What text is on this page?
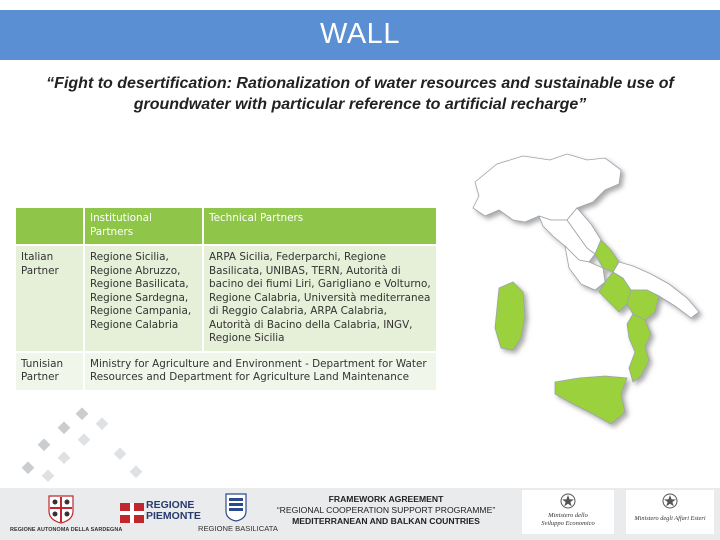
WALL
“Fight to desertification: Rationalization of water resources and sustainable use of
groundwater with particular reference to artificial recharge”
	Institutional Partners	Technical Partners
Italian Partner	Regione Sicilia, Regione Abruzzo, Regione Basilicata, Regione Sardegna, Regione Campania, Regione Calabria	ARPA Sicilia, Federparchi, Regione Basilicata, UNIBAS, TERN, Autorità di bacino dei fiumi Liri, Garigliano e Volturno, Regione Calabria, Università mediterranea di Reggio Calabria, ARPA Calabria, Autorità di Bacino della Calabria, INGV, Regione Sicilia
Tunisian Partner	Ministry for Agriculture and Environment - Department for Water Resources and Department for Agriculture Land Maintenance	
REGIONE AUTONOMA DELLA SARDEGNA
REGIONE
PIEMONTE
REGIONE BASILICATA
FRAMEWORK AGREEMENT
“REGIONAL COOPERATION SUPPORT PROGRAMME”
MEDITERRANEAN AND BALKAN COUNTRIES
Ministero dello
Sviluppo Economico
Ministero degli Affari Esteri
